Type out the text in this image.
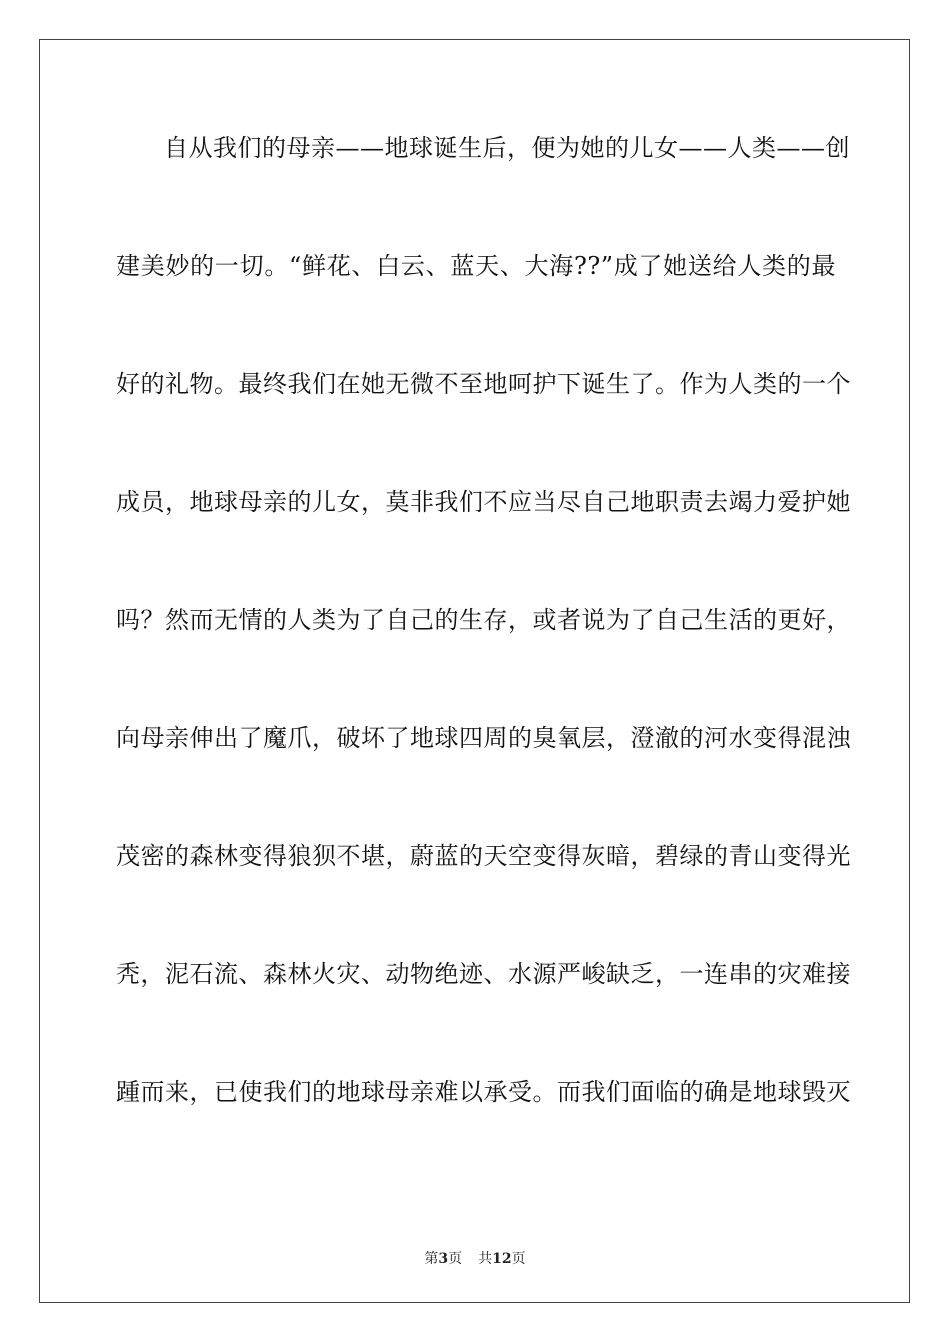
自从我们的母亲——地球诞生后，便为她的儿女——人类——创
建美妙的一切。“鲜花、白云、蓝天、大海??”成了她送给人类的最
好的礼物。最终我们在她无微不至地呵护下诞生了。作为人类的一个
成员，地球母亲的儿女，莫非我们不应当尽自己地职责去竭力爱护她
吗？然而无情的人类为了自己的生存，或者说为了自己生活的更好，
向母亲伸出了魔爪，破坏了地球四周的臭氧层，澄澈的河水变得混浊
茂密的森林变得狼狈不堪，蔚蓝的天空变得灰暗，碧绿的青山变得光
秃，泥石流、森林火灾、动物绝迹、水源严峻缺乏，一连串的灾难接
踵而来，已使我们的地球母亲难以承受。而我们面临的确是地球毁灭
第3页 共12页
